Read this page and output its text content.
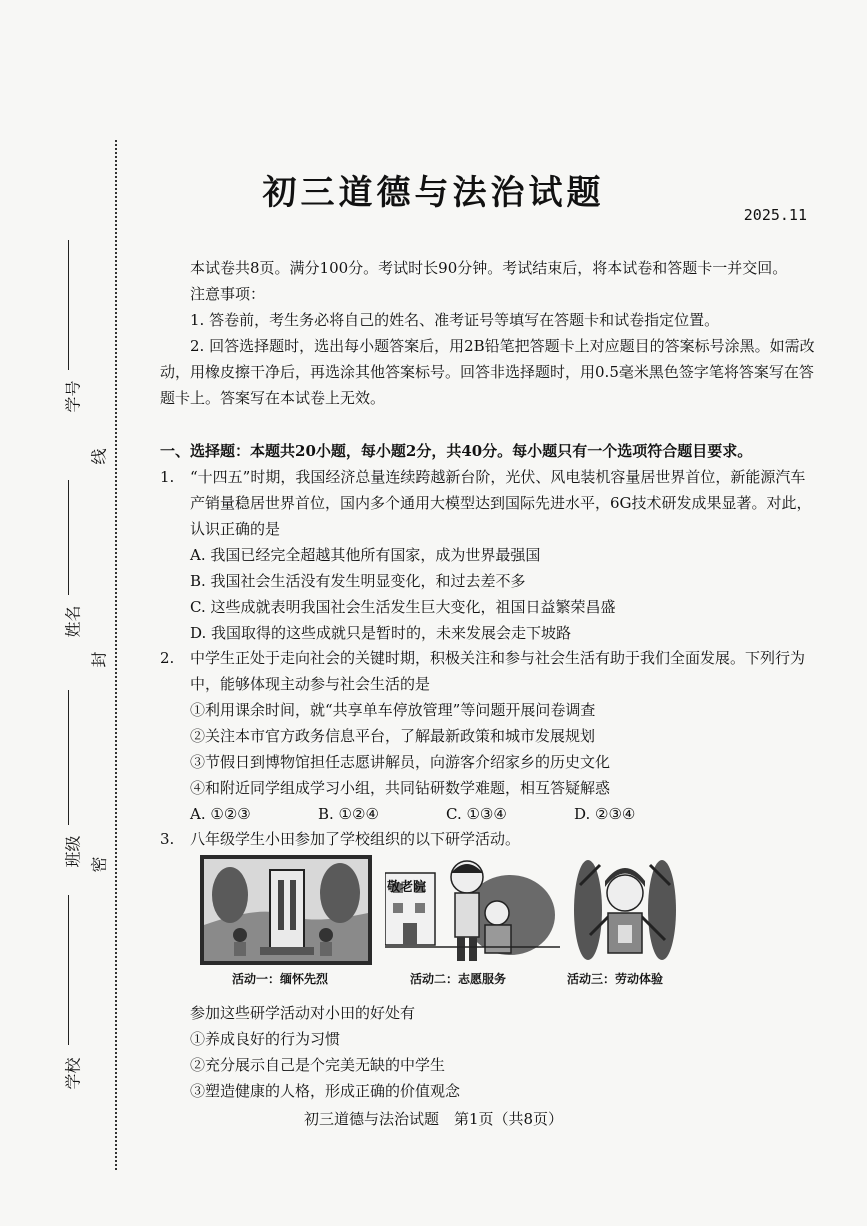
学号
姓名
班级
学校
线
封
密
初三道德与法治试题
2025.11

本试卷共8页。满分100分。考试时长90分钟。考试结束后，将本试卷和答题卡一并交回。

注意事项：

1. 答卷前，考生务必将自己的姓名、准考证号等填写在答题卡和试卷指定位置。

2. 回答选择题时，选出每小题答案后，用2B铅笔把答题卡上对应题目的答案标号涂黑。如需改动，用橡皮擦干净后，再选涂其他答案标号。回答非选择题时，用0.5毫米黑色签字笔将答案写在答题卡上。答案写在本试卷上无效。

一、选择题：本题共20小题，每小题2分，共40分。每小题只有一个选项符合题目要求。
1. “十四五”时期，我国经济总量连续跨越新台阶，光伏、风电装机容量居世界首位，新能源汽车产销量稳居世界首位，国内多个通用大模型达到国际先进水平，6G技术研发成果显著。对此，认识正确的是
A. 我国已经完全超越其他所有国家，成为世界最强国
B. 我国社会生活没有发生明显变化，和过去差不多
C. 这些成就表明我国社会生活发生巨大变化，祖国日益繁荣昌盛
D. 我国取得的这些成就只是暂时的，未来发展会走下坡路
2. 中学生正处于走向社会的关键时期，积极关注和参与社会生活有助于我们全面发展。下列行为中，能够体现主动参与社会生活的是
①利用课余时间，就“共享单车停放管理”等问题开展问卷调查
②关注本市官方政务信息平台，了解最新政策和城市发展规划
③节假日到博物馆担任志愿讲解员，向游客介绍家乡的历史文化
④和附近同学组成学习小组，共同钻研数学难题，相互答疑解惑
A. ①②③	B. ①②④	C. ①③④	D. ②③④
3. 八年级学生小田参加了学校组织的以下研学活动。
活动一：缅怀先烈
敬老院
活动二：志愿服务	活动三：劳动体验
参加这些研学活动对小田的好处有
①养成良好的行为习惯
②充分展示自己是个完美无缺的中学生
③塑造健康的人格，形成正确的价值观念
初三道德与法治试题　第1页（共8页）
